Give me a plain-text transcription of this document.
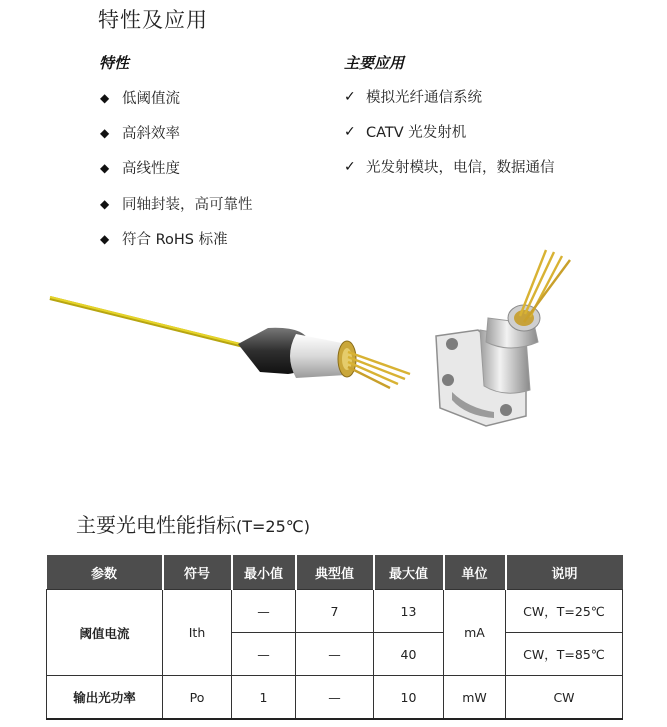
特性及应用
特性
◆ 低阈值流
◆ 高斜效率
◆ 高线性度
◆ 同轴封装，高可靠性
◆ 符合 RoHS 标准
主要应用
✓ 模拟光纤通信系统
✓ CATV 光发射机
✓ 光发射模块，电信，数据通信
主要光电性能指标(T=25℃)
参数	符号	最小值	典型值	最大值	单位	说明
阈值电流	Ith	—	7	13	mA	CW，T=25℃
		—	—	40		CW，T=85℃
输出光功率	Po	1	—	10	mW	CW
